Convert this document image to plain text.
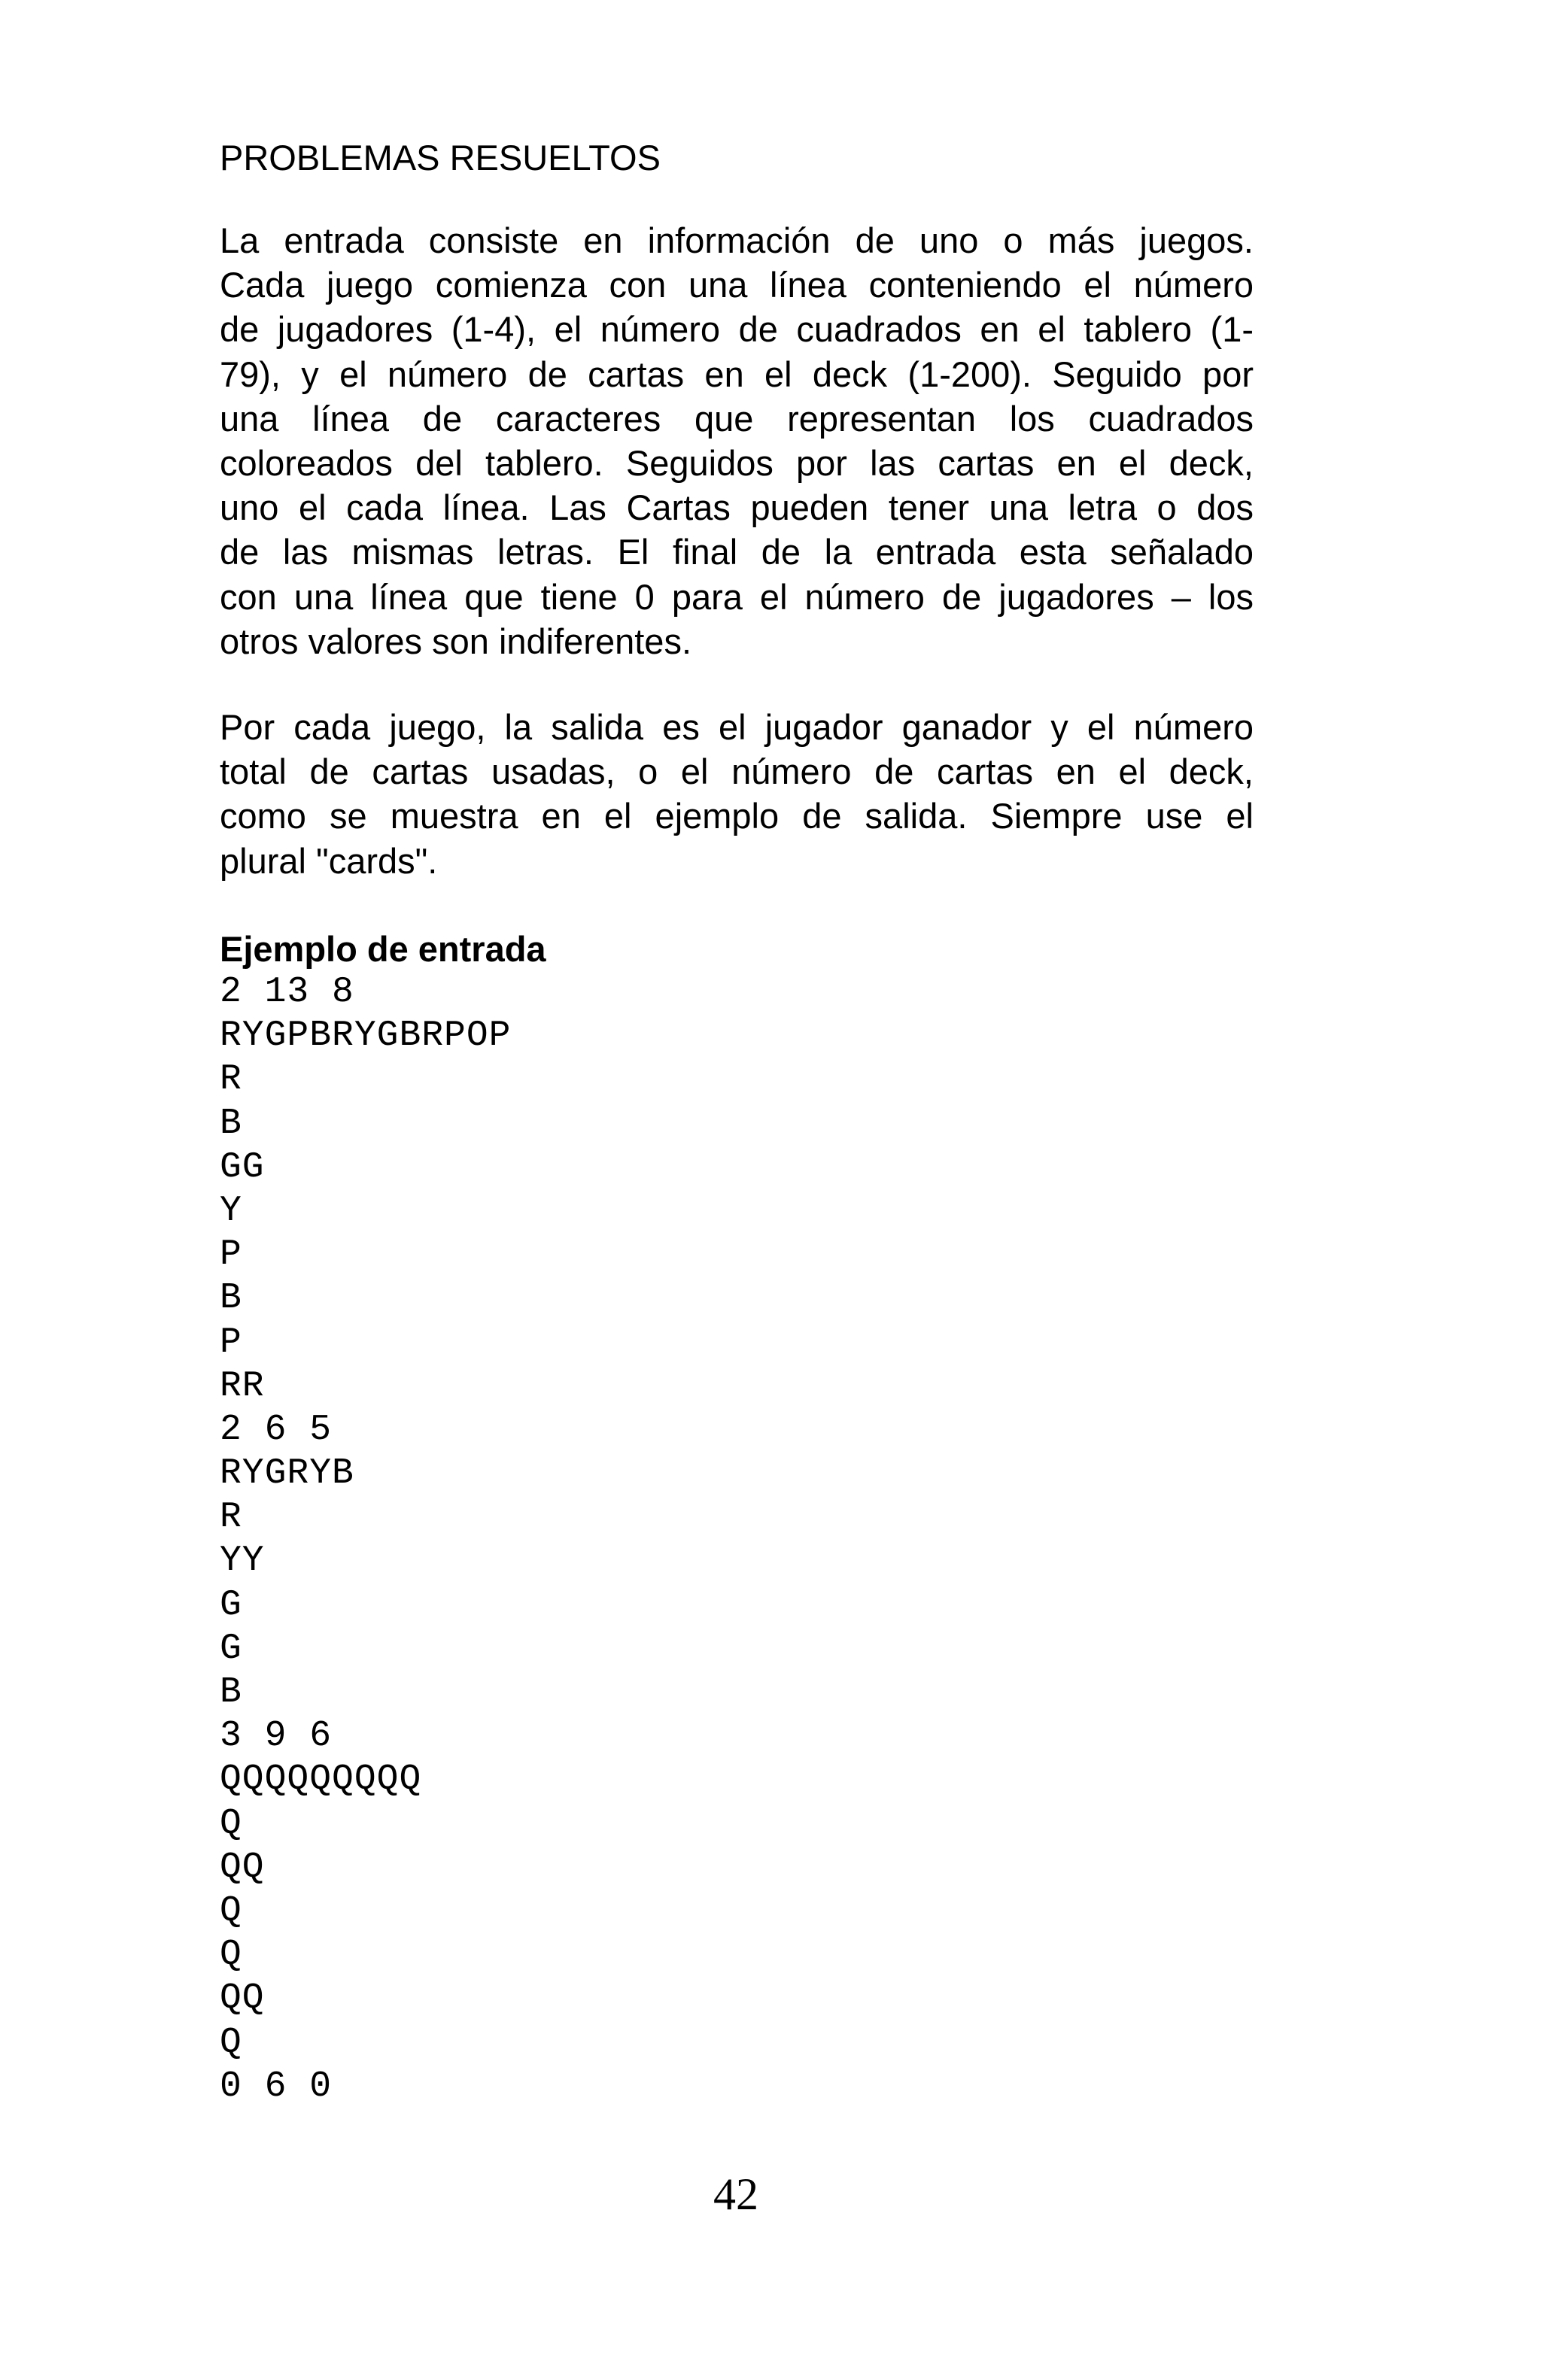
PROBLEMAS RESUELTOS
La entrada consiste en información de uno o más juegos.
Cada juego comienza con una línea conteniendo el número
de jugadores (1-4), el número de cuadrados en el tablero (1-
79), y el número de cartas en el deck (1-200). Seguido por
una línea de caracteres que representan los cuadrados
coloreados del tablero. Seguidos por las cartas en el deck,
uno el cada línea. Las Cartas pueden tener una letra o dos
de las mismas letras. El final de la entrada esta señalado
con una línea que tiene 0 para el número de jugadores – los
otros valores son indiferentes.
Por cada juego, la salida es el jugador ganador y el número
total de cartas usadas, o el número de cartas en el deck,
como se muestra en el ejemplo de salida. Siempre use el
plural "cards".
Ejemplo de entrada
2 13 8
RYGPBRYGBRPOP
R
B
GG
Y
P
B
P
RR
2 6 5
RYGRYB
R
YY
G
G
B
3 9 6
QQQQQQQQQ
Q
QQ
Q
Q
QQ
Q
0 6 0

42
